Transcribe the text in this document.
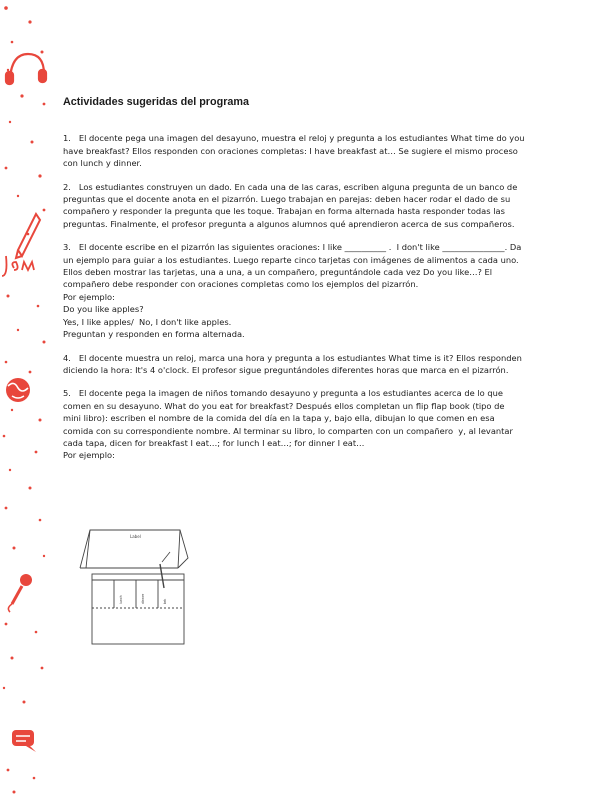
Actividades sugeridas del programa

1. El docente pega una imagen del desayuno, muestra el reloj y pregunta a los estudiantes What time do you have breakfast? Ellos responden con oraciones completas: I have breakfast at… Se sugiere el mismo proceso con lunch y dinner.

2. Los estudiantes construyen un dado. En cada una de las caras, escriben alguna pregunta de un banco de preguntas que el docente anota en el pizarrón. Luego trabajan en parejas: deben hacer rodar el dado de su compañero y responder la pregunta que les toque. Trabajan en forma alternada hasta responder todas las preguntas. Finalmente, el profesor pregunta a algunos alumnos qué aprendieron acerca de sus compañeros.

3. El docente escribe en el pizarrón las siguientes oraciones: I like __________ .  I don't like _______________. Da un ejemplo para guiar a los estudiantes. Luego reparte cinco tarjetas con imágenes de alimentos a cada uno. Ellos deben mostrar las tarjetas, una a una, a un compañero, preguntándole cada vez Do you like…? El compañero debe responder con oraciones completas como los ejemplos del pizarrón.

Por ejemplo:
Do you like apples?
Yes, I like apples/  No, I don't like apples.
Preguntan y responden en forma alternada.

4. El docente muestra un reloj, marca una hora y pregunta a los estudiantes What time is it? Ellos responden diciendo la hora: It's 4 o'clock. El profesor sigue preguntándoles diferentes horas que marca en el pizarrón.

5. El docente pega la imagen de niños tomando desayuno y pregunta a los estudiantes acerca de lo que comen en su desayuno. What do you eat for breakfast? Después ellos completan un flip flap book (tipo de mini libro): escriben el nombre de la comida del día en la tapa y, bajo ella, dibujan lo que comen en esa comida con su correspondiente nombre. Al terminar su libro, lo comparten con un compañero  y, al levantar cada tapa, dicen for breakfast I eat…; for lunch I eat…; for dinner I eat…

Por ejemplo:
Label
lunch	dinner	brk
